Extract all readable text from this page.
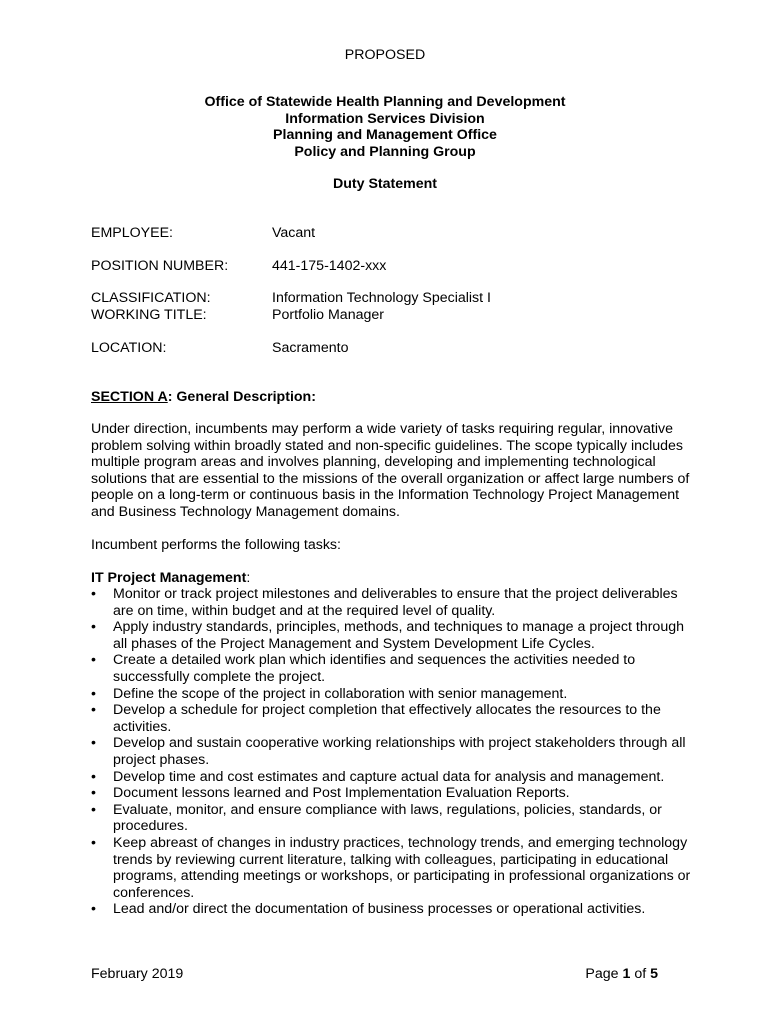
PROPOSED
Office of Statewide Health Planning and Development
Information Services Division
Planning and Management Office
Policy and Planning Group
Duty Statement
EMPLOYEE:	Vacant
POSITION NUMBER:	441-175-1402-xxx
CLASSIFICATION:	Information Technology Specialist I
WORKING TITLE:	Portfolio Manager
LOCATION:	Sacramento
SECTION A: General Description:
Under direction, incumbents may perform a wide variety of tasks requiring regular, innovative problem solving within broadly stated and non-specific guidelines. The scope typically includes multiple program areas and involves planning, developing and implementing technological solutions that are essential to the missions of the overall organization or affect large numbers of people on a long-term or continuous basis in the Information Technology Project Management and Business Technology Management domains.
Incumbent performs the following tasks:
IT Project Management:
• Monitor or track project milestones and deliverables to ensure that the project deliverables are on time, within budget and at the required level of quality.
• Apply industry standards, principles, methods, and techniques to manage a project through all phases of the Project Management and System Development Life Cycles.
• Create a detailed work plan which identifies and sequences the activities needed to successfully complete the project.
• Define the scope of the project in collaboration with senior management.
• Develop a schedule for project completion that effectively allocates the resources to the activities.
• Develop and sustain cooperative working relationships with project stakeholders through all project phases.
• Develop time and cost estimates and capture actual data for analysis and management.
• Document lessons learned and Post Implementation Evaluation Reports.
• Evaluate, monitor, and ensure compliance with laws, regulations, policies, standards, or procedures.
• Keep abreast of changes in industry practices, technology trends, and emerging technology trends by reviewing current literature, talking with colleagues, participating in educational programs, attending meetings or workshops, or participating in professional organizations or conferences.
• Lead and/or direct the documentation of business processes or operational activities.
February 2019	Page 1 of 5
